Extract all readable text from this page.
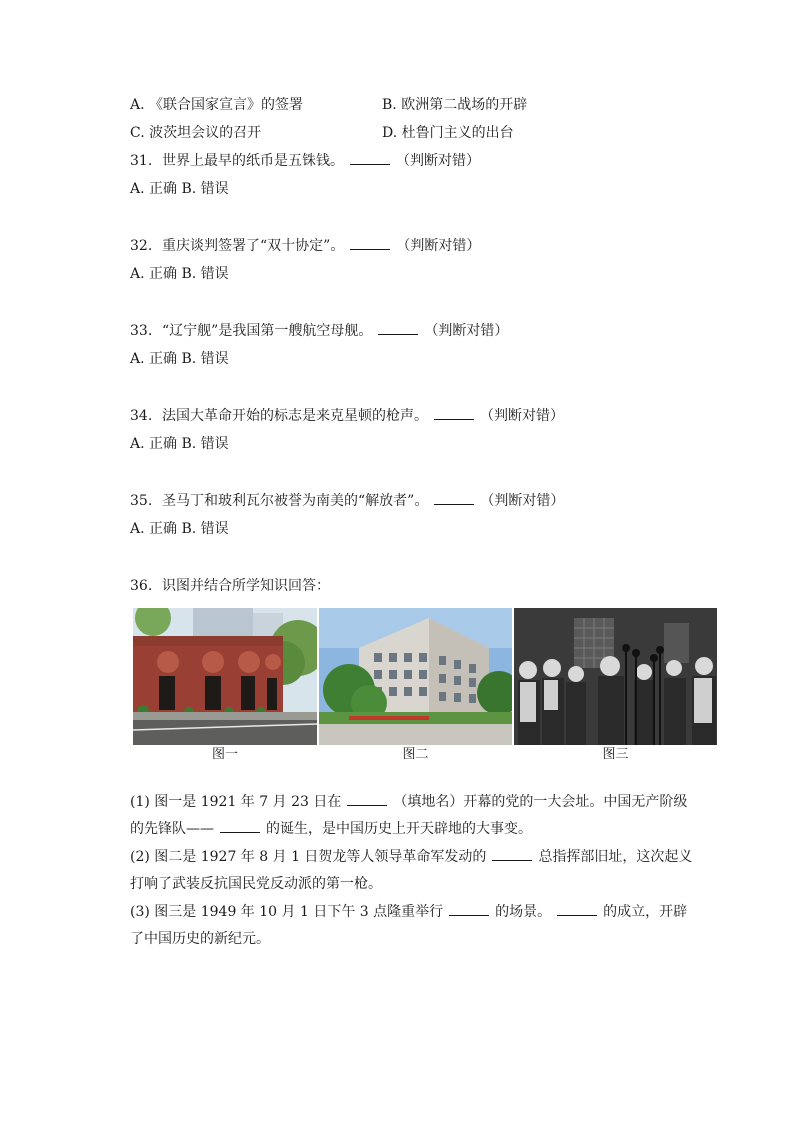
A. 《联合国家宣言》的签署	B. 欧洲第二战场的开辟
C. 波茨坦会议的召开	D. 杜鲁门主义的出台
31. 世界上最早的纸币是五铢钱。	（判断对错）
A. 正确 B. 错误
32. 重庆谈判签署了“双十协定”。	（判断对错）
A. 正确 B. 错误
33. “辽宁舰”是我国第一艘航空母舰。	（判断对错）
A. 正确 B. 错误
34. 法国大革命开始的标志是来克星顿的枪声。	（判断对错）
A. 正确 B. 错误
35. 圣马丁和玻利瓦尔被誉为南美的“解放者”。	（判断对错）
A. 正确 B. 错误
36. 识图并结合所学知识回答：
图一	图二	图三
(1) 图一是 1921 年 7 月 23 日在	（填地名）开幕的党的一大会址。中国无产阶级的先锋队——	的诞生，是中国历史上开天辟地的大事变。
(2) 图二是 1927 年 8 月 1 日贺龙等人领导革命军发动的	总指挥部旧址，这次起义打响了武装反抗国民党反动派的第一枪。
(3) 图三是 1949 年 10 月 1 日下午 3 点隆重举行	的场景。	的成立，开辟了中国历史的新纪元。
